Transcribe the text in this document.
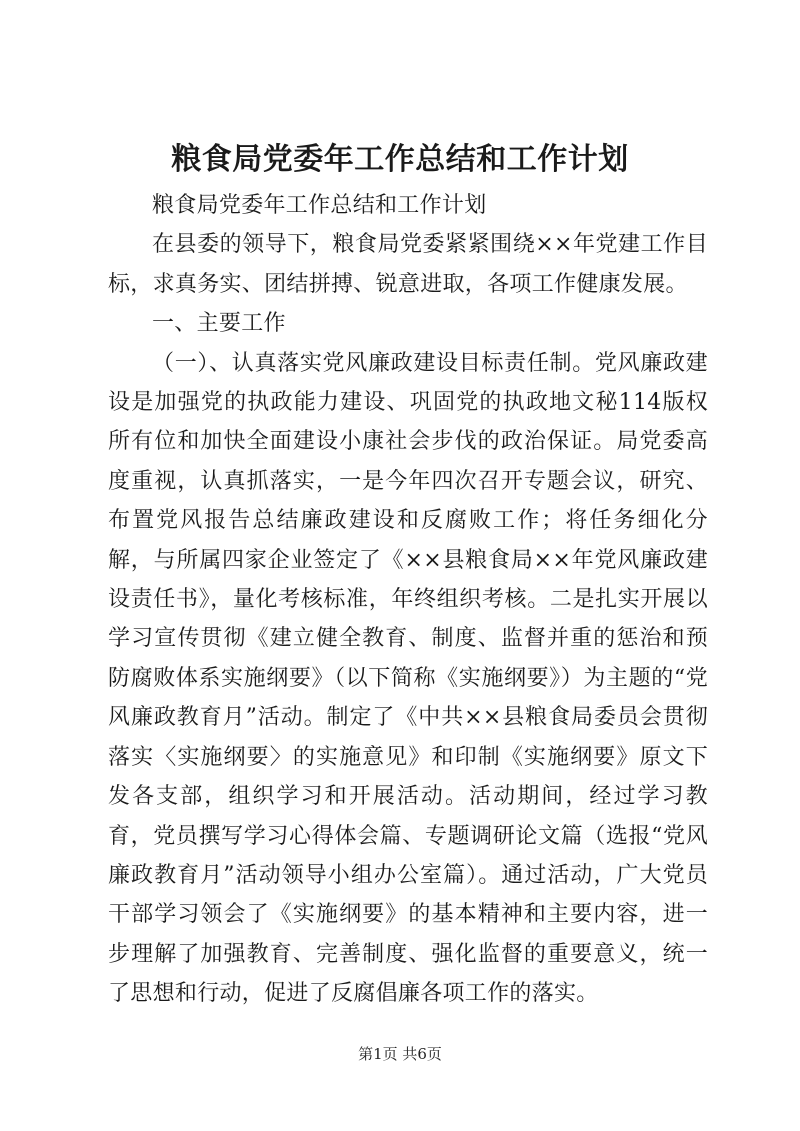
粮食局党委年工作总结和工作计划

粮食局党委年工作总结和工作计划

在县委的领导下，粮食局党委紧紧围绕××年党建工作目标，求真务实、团结拼搏、锐意进取，各项工作健康发展。

一、主要工作

（一）、认真落实党风廉政建设目标责任制。党风廉政建设是加强党的执政能力建设、巩固党的执政地文秘114版权所有位和加快全面建设小康社会步伐的政治保证。局党委高度重视，认真抓落实，一是今年四次召开专题会议，研究、布置党风报告总结廉政建设和反腐败工作；将任务细化分解，与所属四家企业签定了《××县粮食局××年党风廉政建设责任书》，量化考核标准，年终组织考核。二是扎实开展以学习宣传贯彻《建立健全教育、制度、监督并重的惩治和预防腐败体系实施纲要》（以下简称《实施纲要》）为主题的“党风廉政教育月”活动。制定了《中共××县粮食局委员会贯彻落实〈实施纲要〉的实施意见》和印制《实施纲要》原文下发各支部，组织学习和开展活动。活动期间，经过学习教育，党员撰写学习心得体会篇、专题调研论文篇（选报“党风廉政教育月”活动领导小组办公室篇）。通过活动，广大党员干部学习领会了《实施纲要》的基本精神和主要内容，进一步理解了加强教育、完善制度、强化监督的重要意义，统一了思想和行动，促进了反腐倡廉各项工作的落实。

第1页 共6页
